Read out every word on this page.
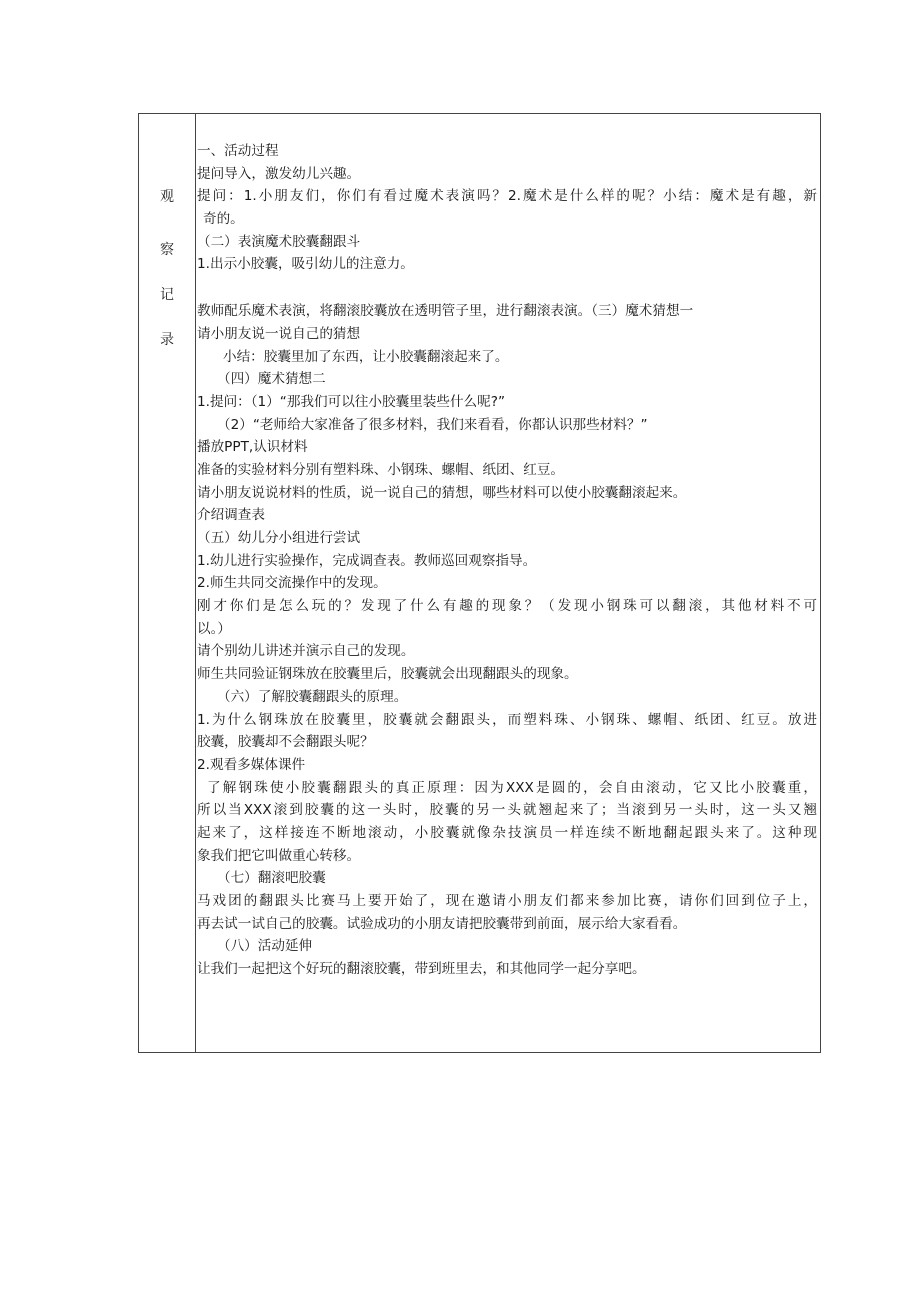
观
察
记
录
一、活动过程
提问导入，激发幼儿兴趣。
提问：1.小朋友们，你们有看过魔术表演吗？2.魔术是什么样的呢？小结：魔术是有趣，新
奇的。
（二）表演魔术胶囊翻跟斗
1.出示小胶囊，吸引幼儿的注意力。
教师配乐魔术表演，将翻滚胶囊放在透明管子里，进行翻滚表演。（三）魔术猜想一
请小朋友说一说自己的猜想
小结：胶囊里加了东西，让小胶囊翻滚起来了。
（四）魔术猜想二
1.提问：（1）“那我们可以往小胶囊里装些什么呢?”
（2）“老师给大家准备了很多材料，我们来看看，你都认识那些材料？”
播放PPT,认识材料
准备的实验材料分别有塑料珠、小钢珠、螺帽、纸团、红豆。
请小朋友说说材料的性质，说一说自己的猜想，哪些材料可以使小胶囊翻滚起来。
介绍调查表
（五）幼儿分小组进行尝试
1.幼儿进行实验操作，完成调查表。教师巡回观察指导。
2.师生共同交流操作中的发现。
刚才你们是怎么玩的？发现了什么有趣的现象？（发现小钢珠可以翻滚，其他材料不可
以。）
请个别幼儿讲述并演示自己的发现。
师生共同验证钢珠放在胶囊里后，胶囊就会出现翻跟头的现象。
（六）了解胶囊翻跟头的原理。
1.为什么钢珠放在胶囊里，胶囊就会翻跟头，而塑料珠、小钢珠、螺帽、纸团、红豆。放进
胶囊，胶囊却不会翻跟头呢？
2.观看多媒体课件
了解钢珠使小胶囊翻跟头的真正原理：因为XXX是圆的，会自由滚动，它又比小胶囊重，
所以当XXX滚到胶囊的这一头时，胶囊的另一头就翘起来了；当滚到另一头时，这一头又翘
起来了，这样接连不断地滚动，小胶囊就像杂技演员一样连续不断地翻起跟头来了。这种现
象我们把它叫做重心转移。
（七）翻滚吧胶囊
马戏团的翻跟头比赛马上要开始了，现在邀请小朋友们都来参加比赛，请你们回到位子上，
再去试一试自己的胶囊。试验成功的小朋友请把胶囊带到前面，展示给大家看看。
（八）活动延伸
让我们一起把这个好玩的翻滚胶囊，带到班里去，和其他同学一起分享吧。
